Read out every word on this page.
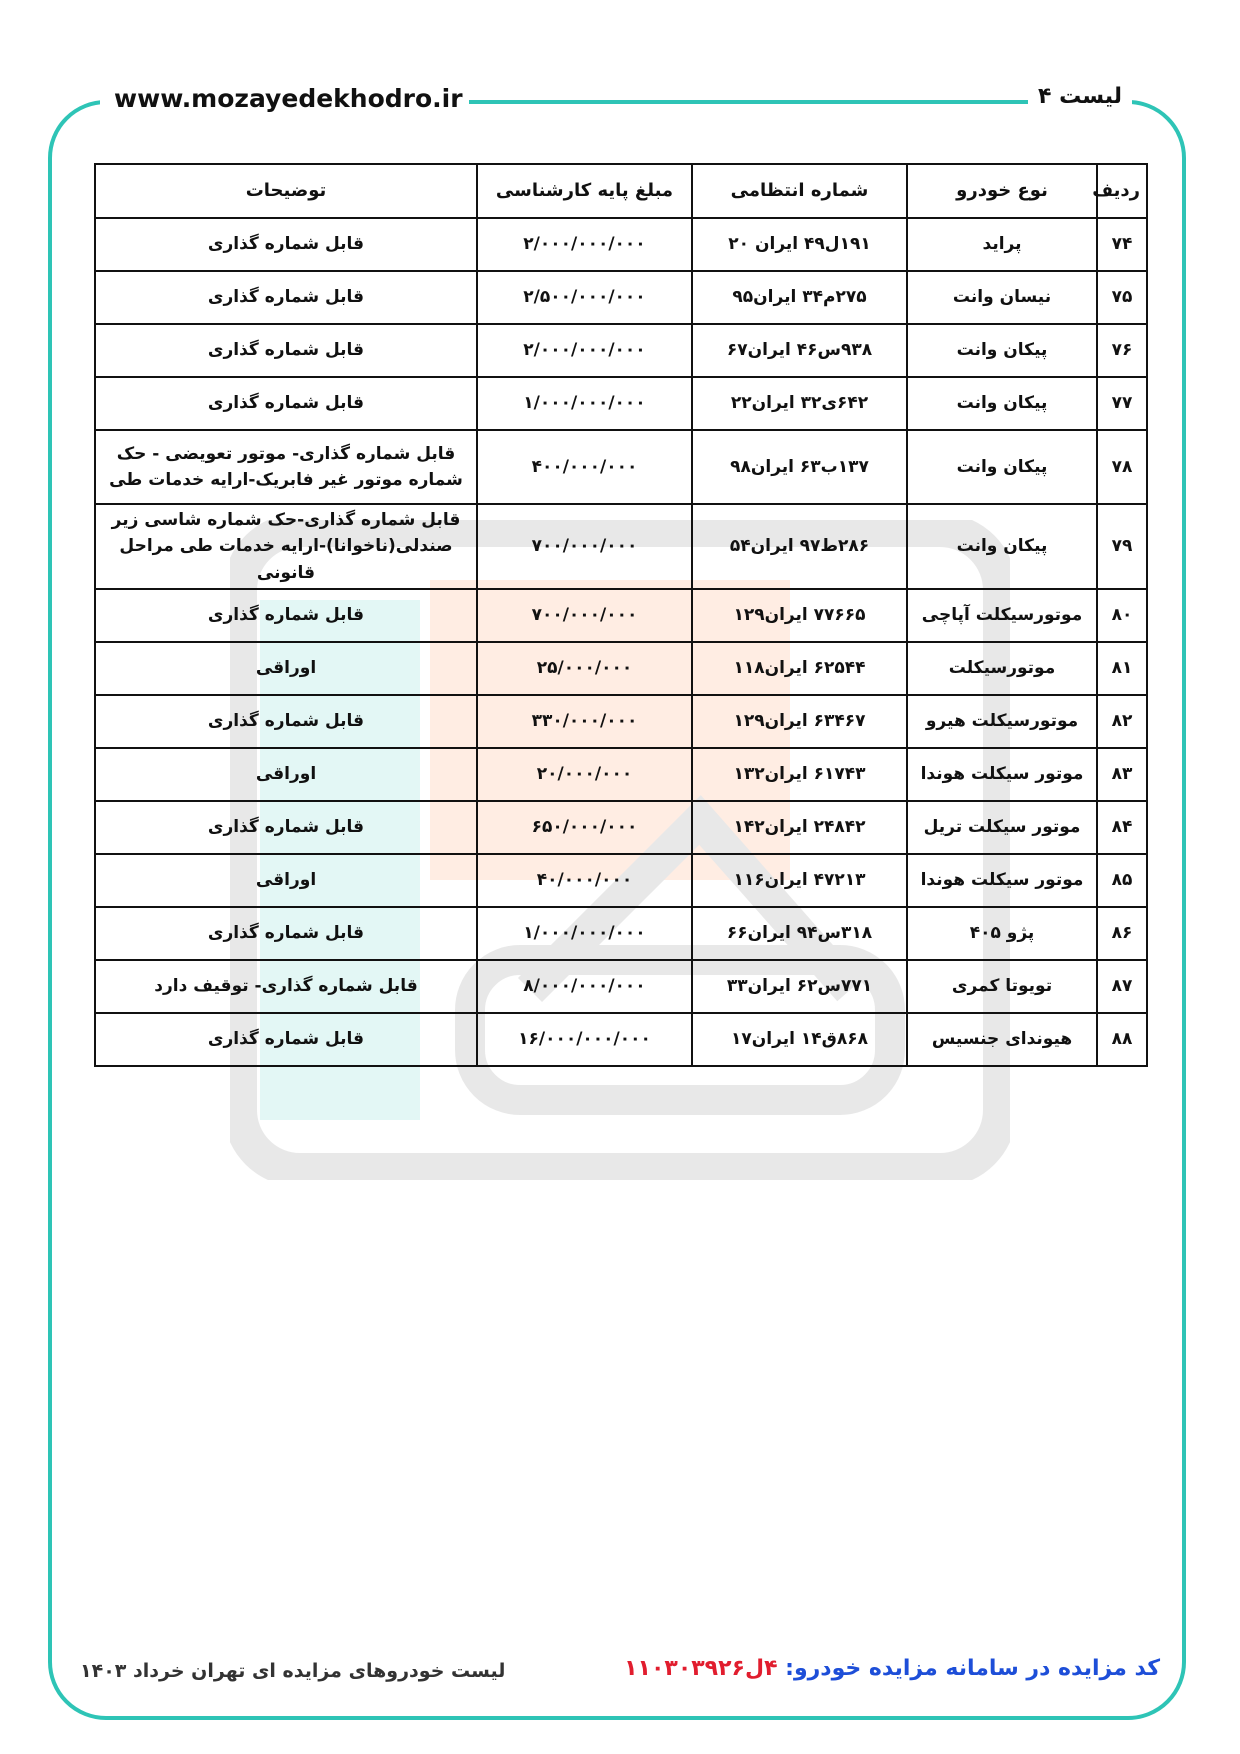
www.mozayedekhodro.ir	لیست ۴
ردیف	نوع خودرو	شماره انتظامی	مبلغ پایه کارشناسی	توضیحات
۷۴	پراید	۱۹۱ل۴۹ ایران ۲۰	۲/۰۰۰/۰۰۰/۰۰۰	قابل شماره گذاری
۷۵	نیسان وانت	۲۷۵م۳۴ ایران۹۵	۲/۵۰۰/۰۰۰/۰۰۰	قابل شماره گذاری
۷۶	پیکان وانت	۹۳۸س۴۶ ایران۶۷	۲/۰۰۰/۰۰۰/۰۰۰	قابل شماره گذاری
۷۷	پیکان وانت	۶۴۲ی۳۲ ایران۲۲	۱/۰۰۰/۰۰۰/۰۰۰	قابل شماره گذاری
۷۸	پیکان وانت	۱۳۷ب۶۳ ایران۹۸	۴۰۰/۰۰۰/۰۰۰	قابل شماره گذاری- موتور تعویضی - حک شماره موتور غیر فابریک-ارایه خدمات طی
۷۹	پیکان وانت	۲۸۶ط۹۷ ایران۵۴	۷۰۰/۰۰۰/۰۰۰	قابل شماره گذاری-حک شماره شاسی زیر صندلی(ناخوانا)-ارایه خدمات طی مراحل قانونی
۸۰	موتورسیکلت آپاچی	۷۷۶۶۵ ایران۱۲۹	۷۰۰/۰۰۰/۰۰۰	قابل شماره گذاری
۸۱	موتورسیکلت	۶۲۵۴۴ ایران۱۱۸	۲۵/۰۰۰/۰۰۰	اوراقی
۸۲	موتورسیکلت هیرو	۶۳۴۶۷ ایران۱۲۹	۳۳۰/۰۰۰/۰۰۰	قابل شماره گذاری
۸۳	موتور سیکلت هوندا	۶۱۷۴۳ ایران۱۳۲	۲۰/۰۰۰/۰۰۰	اوراقی
۸۴	موتور سیکلت تریل	۲۴۸۴۲ ایران۱۴۲	۶۵۰/۰۰۰/۰۰۰	قابل شماره گذاری
۸۵	موتور سیکلت هوندا	۴۷۲۱۳ ایران۱۱۶	۴۰/۰۰۰/۰۰۰	اوراقی
۸۶	پژو ۴۰۵	۳۱۸س۹۴ ایران۶۶	۱/۰۰۰/۰۰۰/۰۰۰	قابل شماره گذاری
۸۷	تویوتا کمری	۷۷۱س۶۲ ایران۳۳	۸/۰۰۰/۰۰۰/۰۰۰	قابل شماره گذاری- توقیف دارد
۸۸	هیوندای جنسیس	۸۶۸ق۱۴ ایران۱۷	۱۶/۰۰۰/۰۰۰/۰۰۰	قابل شماره گذاری
لیست خودروهای مزایده ای تهران خرداد ۱۴۰۳	کد مزایده در سامانه مزایده خودرو: ۴ل۱۱۰۳۰۳۹۲۶
